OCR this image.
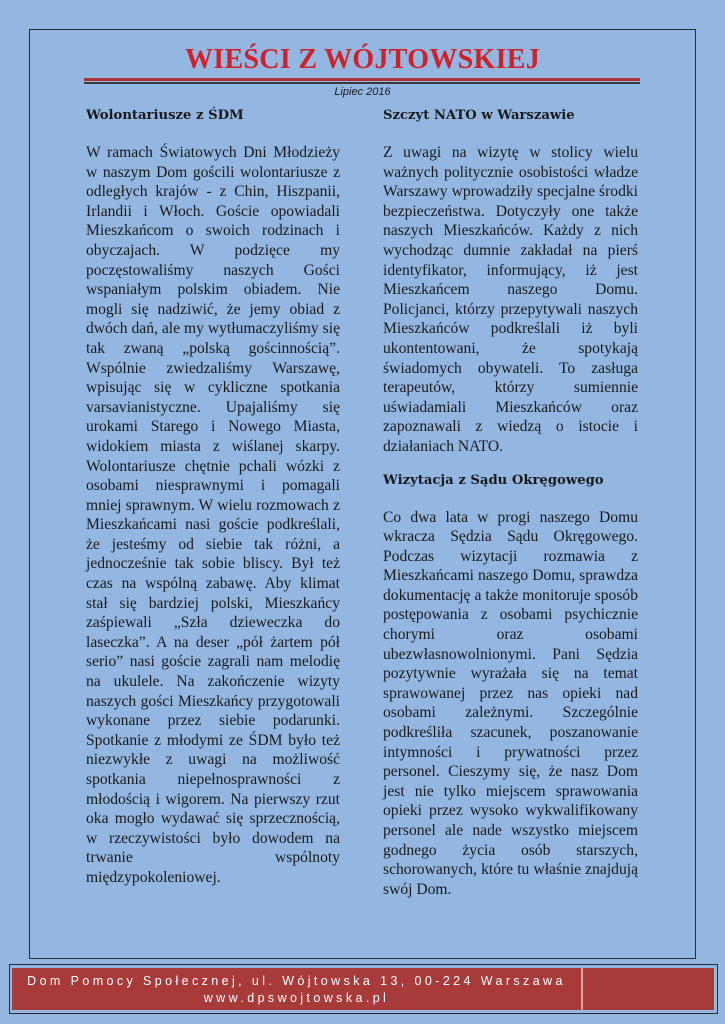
WIEŚCI Z WÓJTOWSKIEJ
Lipiec 2016
Wolontariusze z ŚDM

W ramach Światowych Dni Młodzieży w naszym Dom gościli wolontariusze z odległych krajów - z Chin, Hiszpanii, Irlandii i Włoch. Goście opowiadali Mieszkańcom o swoich rodzinach i obyczajach. W podzięce my poczęstowaliśmy naszych Gości wspaniałym polskim obiadem. Nie mogli się nadziwić, że jemy obiad z dwóch dań, ale my wytłumaczyliśmy się tak zwaną „polską gościnnością”. Wspólnie zwiedzaliśmy Warszawę, wpisując się w cykliczne spotkania varsavianistyczne. Upajaliśmy się urokami Starego i Nowego Miasta, widokiem miasta z wiślanej skarpy. Wolontariusze chętnie pchali wózki z osobami niesprawnymi i pomagali mniej sprawnym. W wielu rozmowach z Mieszkańcami nasi goście podkreślali, że jesteśmy od siebie tak różni, a jednocześnie tak sobie bliscy. Był też czas na wspólną zabawę. Aby klimat stał się bardziej polski, Mieszkańcy zaśpiewali „Szła dzieweczka do laseczka”. A na deser „pół żartem pół serio” nasi goście zagrali nam melodię na ukulele. Na zakończenie wizyty naszych gości Mieszkańcy przygotowali wykonane przez siebie podarunki. Spotkanie z młodymi ze ŚDM było też niezwykłe z uwagi na możliwość spotkania niepełnosprawności z młodością i wigorem. Na pierwszy rzut oka mogło wydawać się sprzecznością, w rzeczywistości było dowodem na trwanie wspólnoty międzypokoleniowej.

Szczyt NATO w Warszawie

Z uwagi na wizytę w stolicy wielu ważnych politycznie osobistości władze Warszawy wprowadziły specjalne środki bezpieczeństwa. Dotyczyły one także naszych Mieszkańców. Każdy z nich wychodząc dumnie zakładał na pierś identyfikator, informujący, iż jest Mieszkańcem naszego Domu. Policjanci, którzy przepytywali naszych Mieszkańców podkreślali iż byli ukontentowani, że spotykają świadomych obywateli. To zasługa terapeutów, którzy sumiennie uświadamiali Mieszkańców oraz zapoznawali z wiedzą o istocie i działaniach NATO.

Wizytacja z Sądu Okręgowego

Co dwa lata w progi naszego Domu wkracza Sędzia Sądu Okręgowego. Podczas wizytacji rozmawia z Mieszkańcami naszego Domu, sprawdza dokumentację a także monitoruje sposób postępowania z osobami psychicznie chorymi oraz osobami ubezwłasnowolnionymi. Pani Sędzia pozytywnie wyrażała się na temat sprawowanej przez nas opieki nad osobami zależnymi. Szczególnie podkreśliła szacunek, poszanowanie intymności i prywatności przez personel. Cieszymy się, że nasz Dom jest nie tylko miejscem sprawowania opieki przez wysoko wykwalifikowany personel ale nade wszystko miejscem godnego życia osób starszych, schorowanych, które tu właśnie znajdują swój Dom.

Dom Pomocy Społecznej, ul. Wójtowska 13, 00-224 Warszawa
www.dpswojtowska.pl
